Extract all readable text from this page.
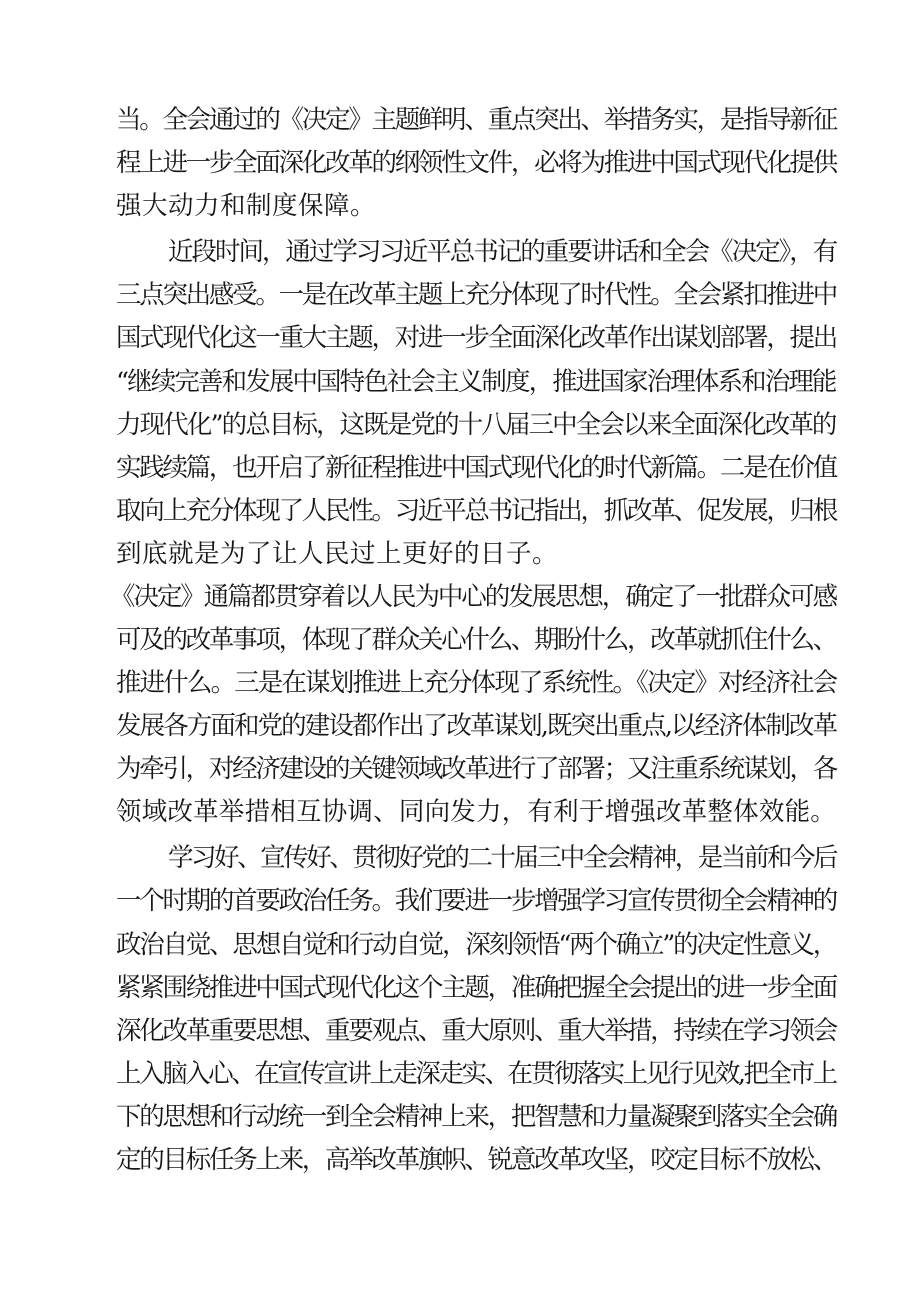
当。全会通过的《决定》主题鲜明、重点突出、举措务实，是指导新征
程上进一步全面深化改革的纲领性文件，必将为推进中国式现代化提供
强大动力和制度保障。
近段时间，通过学习习近平总书记的重要讲话和全会《决定》，有
三点突出感受。一是在改革主题上充分体现了时代性。全会紧扣推进中
国式现代化这一重大主题，对进一步全面深化改革作出谋划部署，提出
“继续完善和发展中国特色社会主义制度，推进国家治理体系和治理能
力现代化”的总目标，这既是党的十八届三中全会以来全面深化改革的
实践续篇，也开启了新征程推进中国式现代化的时代新篇。二是在价值
取向上充分体现了人民性。习近平总书记指出，抓改革、促发展，归根
到底就是为了让人民过上更好的日子。
《决定》通篇都贯穿着以人民为中心的发展思想，确定了一批群众可感
可及的改革事项，体现了群众关心什么、期盼什么，改革就抓住什么、
推进什么。三是在谋划推进上充分体现了系统性。《决定》对经济社会
发展各方面和党的建设都作出了改革谋划,既突出重点,以经济体制改革
为牵引，对经济建设的关键领域改革进行了部署；又注重系统谋划，各
领域改革举措相互协调、同向发力，有利于增强改革整体效能。
学习好、宣传好、贯彻好党的二十届三中全会精神，是当前和今后
一个时期的首要政治任务。我们要进一步增强学习宣传贯彻全会精神的
政治自觉、思想自觉和行动自觉，深刻领悟“两个确立”的决定性意义，
紧紧围绕推进中国式现代化这个主题，准确把握全会提出的进一步全面
深化改革重要思想、重要观点、重大原则、重大举措，持续在学习领会
上入脑入心、在宣传宣讲上走深走实、在贯彻落实上见行见效,把全市上
下的思想和行动统一到全会精神上来，把智慧和力量凝聚到落实全会确
定的目标任务上来，高举改革旗帜、锐意改革攻坚，咬定目标不放松、
